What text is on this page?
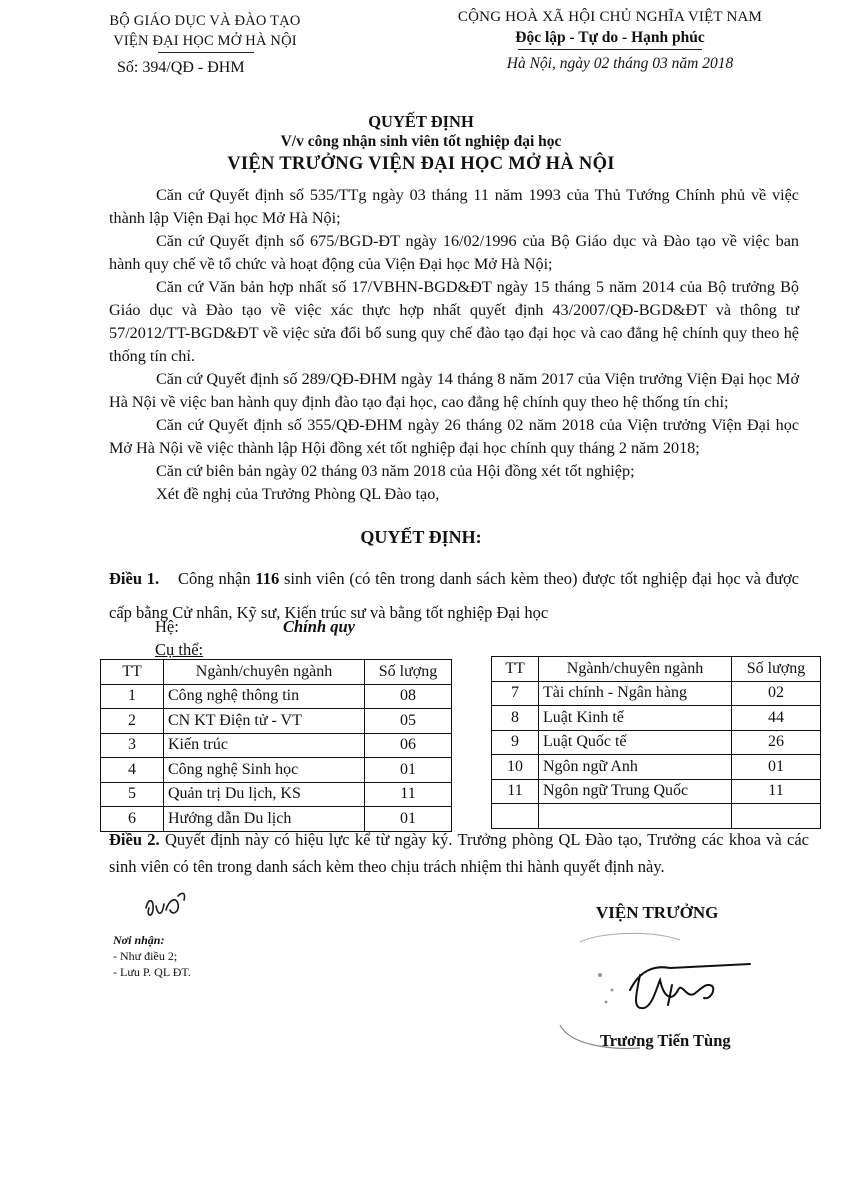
BỘ GIÁO DỤC VÀ ĐÀO TẠO
VIỆN ĐẠI HỌC MỞ HÀ NỘI
Số: 394/QĐ - ĐHM
CỘNG HOÀ XÃ HỘI CHỦ NGHĨA VIỆT NAM
Độc lập - Tự do - Hạnh phúc
Hà Nội, ngày 02 tháng 03 năm 2018
QUYẾT ĐỊNH
V/v công nhận sinh viên tốt nghiệp đại học
VIỆN TRƯỞNG VIỆN ĐẠI HỌC MỞ HÀ NỘI

Căn cứ Quyết định số 535/TTg ngày 03 tháng 11 năm 1993 của Thủ Tướng Chính phủ về việc thành lập Viện Đại học Mở Hà Nội;

Căn cứ Quyết định số 675/BGD-ĐT ngày 16/02/1996 của Bộ Giáo dục và Đào tạo về việc ban hành quy chế về tổ chức và hoạt động của Viện Đại học Mở Hà Nội;

Căn cứ Văn bản hợp nhất số 17/VBHN-BGD&ĐT ngày 15 tháng 5 năm 2014 của Bộ trưởng Bộ Giáo dục và Đào tạo về việc xác thực hợp nhất quyết định 43/2007/QĐ-BGD&ĐT và thông tư 57/2012/TT-BGD&ĐT về việc sửa đổi bổ sung quy chế đào tạo đại học và cao đẳng hệ chính quy theo hệ thống tín chỉ.

Căn cứ Quyết định số 289/QĐ-ĐHM ngày 14 tháng 8 năm 2017 của Viện trưởng Viện Đại học Mở Hà Nội về việc ban hành quy định đào tạo đại học, cao đẳng hệ chính quy theo hệ thống tín chỉ;

Căn cứ Quyết định số 355/QĐ-ĐHM ngày 26 tháng 02 năm 2018 của Viện trưởng Viện Đại học Mở Hà Nội về việc thành lập Hội đồng xét tốt nghiệp đại học chính quy tháng 2 năm 2018;

Căn cứ biên bản ngày 02 tháng 03 năm 2018 của Hội đồng xét tốt nghiệp;

Xét đề nghị của Trưởng Phòng QL Đào tạo,

QUYẾT ĐỊNH:
Điều 1. Công nhận 116 sinh viên (có tên trong danh sách kèm theo) được tốt nghiệp đại học và được cấp bằng Cử nhân, Kỹ sư, Kiến trúc sư và bằng tốt nghiệp Đại học
Hệ:	Chính quy
Cụ thể:
TT	Ngành/chuyên ngành	Số lượng
1	Công nghệ thông tin	08
2	CN KT Điện tử - VT	05
3	Kiến trúc	06
4	Công nghệ Sinh học	01
5	Quản trị Du lịch, KS	11
6	Hướng dẫn Du lịch	01
TT	Ngành/chuyên ngành	Số lượng
7	Tài chính - Ngân hàng	02
8	Luật Kinh tế	44
9	Luật Quốc tế	26
10	Ngôn ngữ Anh	01
11	Ngôn ngữ Trung Quốc	11

Điều 2. Quyết định này có hiệu lực kể từ ngày ký. Trưởng phòng QL Đào tạo, Trưởng các khoa và các sinh viên có tên trong danh sách kèm theo chịu trách nhiệm thi hành quyết định này.
Nơi nhận:
- Như điều 2;
- Lưu P. QL ĐT.
VIỆN TRƯỞNG
Trương Tiến Tùng
